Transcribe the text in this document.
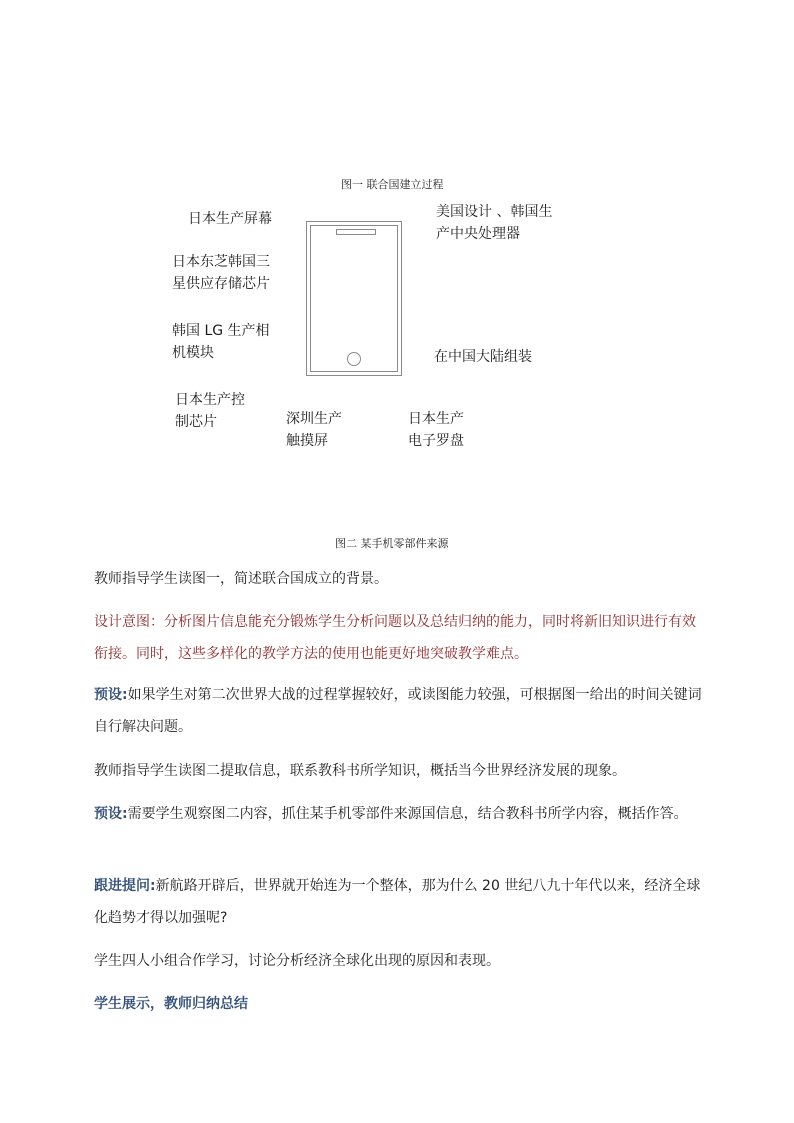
图一 联合国建立过程
日本生产屏幕	美国设计 、韩国生
产中央处理器
日本东芝韩国三
星供应存储芯片
韩国 LG 生产相
机模块	在中国大陆组装
日本生产控
制芯片	深圳生产
触摸屏
日本生产
电子罗盘
图二 某手机零部件来源
教师指导学生读图一，简述联合国成立的背景。
设计意图：分析图片信息能充分锻炼学生分析问题以及总结归纳的能力，同时将新旧知识进行有效衔接。同时，这些多样化的教学方法的使用也能更好地突破教学难点。
预设:如果学生对第二次世界大战的过程掌握较好，或读图能力较强，可根据图一给出的时间关键词自行解决问题。
教师指导学生读图二提取信息，联系教科书所学知识，概括当今世界经济发展的现象。
预设:需要学生观察图二内容，抓住某手机零部件来源国信息，结合教科书所学内容，概括作答。
跟进提问:新航路开辟后，世界就开始连为一个整体，那为什么 20 世纪八九十年代以来，经济全球化趋势才得以加强呢?
学生四人小组合作学习，讨论分析经济全球化出现的原因和表现。
学生展示，教师归纳总结
